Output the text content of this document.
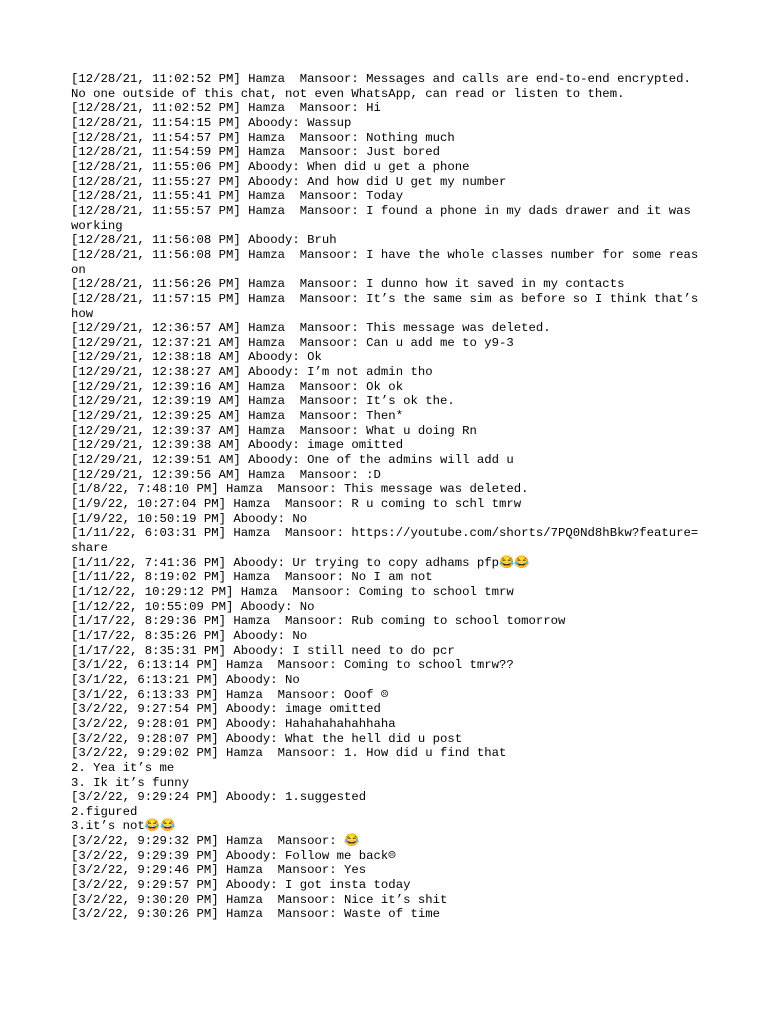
[12/28/21, 11:02:52 PM] Hamza  Mansoor: Messages and calls are end-to-end encrypted. No one outside of this chat, not even WhatsApp, can read or listen to them.
[12/28/21, 11:02:52 PM] Hamza  Mansoor: Hi
[12/28/21, 11:54:15 PM] Aboody: Wassup
[12/28/21, 11:54:57 PM] Hamza  Mansoor: Nothing much
[12/28/21, 11:54:59 PM] Hamza  Mansoor: Just bored
[12/28/21, 11:55:06 PM] Aboody: When did u get a phone
[12/28/21, 11:55:27 PM] Aboody: And how did U get my number
[12/28/21, 11:55:41 PM] Hamza  Mansoor: Today
[12/28/21, 11:55:57 PM] Hamza  Mansoor: I found a phone in my dads drawer and it was working
[12/28/21, 11:56:08 PM] Aboody: Bruh
[12/28/21, 11:56:08 PM] Hamza  Mansoor: I have the whole classes number for some reason
[12/28/21, 11:56:26 PM] Hamza  Mansoor: I dunno how it saved in my contacts
[12/28/21, 11:57:15 PM] Hamza  Mansoor: It’s the same sim as before so I think that’s how
[12/29/21, 12:36:57 AM] Hamza  Mansoor: This message was deleted.
[12/29/21, 12:37:21 AM] Hamza  Mansoor: Can u add me to y9-3
[12/29/21, 12:38:18 AM] Aboody: Ok
[12/29/21, 12:38:27 AM] Aboody: I’m not admin tho
[12/29/21, 12:39:16 AM] Hamza  Mansoor: Ok ok
[12/29/21, 12:39:19 AM] Hamza  Mansoor: It’s ok the.
[12/29/21, 12:39:25 AM] Hamza  Mansoor: Then*
[12/29/21, 12:39:37 AM] Hamza  Mansoor: What u doing Rn
[12/29/21, 12:39:38 AM] Aboody: image omitted
[12/29/21, 12:39:51 AM] Aboody: One of the admins will add u
[12/29/21, 12:39:56 AM] Hamza  Mansoor: :D
[1/8/22, 7:48:10 PM] Hamza  Mansoor: This message was deleted.
[1/9/22, 10:27:04 PM] Hamza  Mansoor: R u coming to schl tmrw
[1/9/22, 10:50:19 PM] Aboody: No
[1/11/22, 6:03:31 PM] Hamza  Mansoor: https://youtube.com/shorts/7PQ0Nd8hBkw?feature=share
[1/11/22, 7:41:36 PM] Aboody: Ur trying to copy adhams pfp😂😂
[1/11/22, 8:19:02 PM] Hamza  Mansoor: No I am not
[1/12/22, 10:29:12 PM] Hamza  Mansoor: Coming to school tmrw
[1/12/22, 10:55:09 PM] Aboody: No
[1/17/22, 8:29:36 PM] Hamza  Mansoor: Rub coming to school tomorrow
[1/17/22, 8:35:26 PM] Aboody: No
[1/17/22, 8:35:31 PM] Aboody: I still need to do pcr
[3/1/22, 6:13:14 PM] Hamza  Mansoor: Coming to school tmrw??
[3/1/22, 6:13:21 PM] Aboody: No
[3/1/22, 6:13:33 PM] Hamza  Mansoor: Ooof ☹
[3/2/22, 9:27:54 PM] Aboody: image omitted
[3/2/22, 9:28:01 PM] Aboody: Hahahahahahhaha
[3/2/22, 9:28:07 PM] Aboody: What the hell did u post
[3/2/22, 9:29:02 PM] Hamza  Mansoor: 1. How did u find that
2. Yea it’s me
3. Ik it’s funny
[3/2/22, 9:29:24 PM] Aboody: 1.suggested
2.figured
3.it’s not😂😂
[3/2/22, 9:29:32 PM] Hamza  Mansoor: 😂
[3/2/22, 9:29:39 PM] Aboody: Follow me back☹
[3/2/22, 9:29:46 PM] Hamza  Mansoor: Yes
[3/2/22, 9:29:57 PM] Aboody: I got insta today
[3/2/22, 9:30:20 PM] Hamza  Mansoor: Nice it’s shit
[3/2/22, 9:30:26 PM] Hamza  Mansoor: Waste of time
